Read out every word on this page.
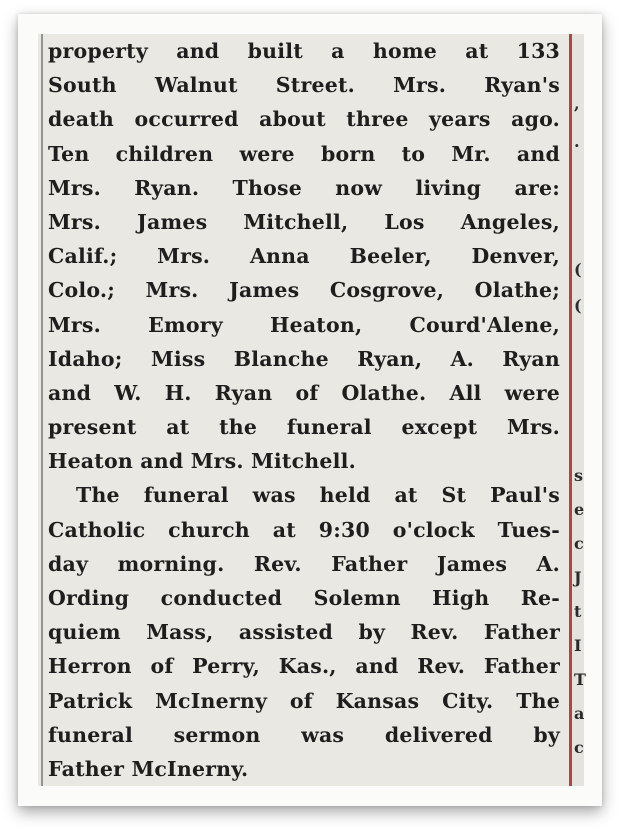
property and built a home at 133
South Walnut Street. Mrs. Ryan's
death occurred about three years ago.
Ten children were born to Mr. and
Mrs. Ryan. Those now living are:
Mrs. James Mitchell, Los Angeles,
Calif.; Mrs. Anna Beeler, Denver,
Colo.; Mrs. James Cosgrove, Olathe;
Mrs. Emory Heaton, Courd'Alene,
Idaho; Miss Blanche Ryan, A. Ryan
and W. H. Ryan of Olathe. All were
present at the funeral except Mrs.
Heaton and Mrs. Mitchell.
The funeral was held at St Paul's
Catholic church at 9:30 o'clock Tues-
day morning. Rev. Father James A.
Ording conducted Solemn High Re-
quiem Mass, assisted by Rev. Father
Herron of Perry, Kas., and Rev. Father
Patrick McInerny of Kansas City. The
funeral sermon was delivered by
Father McInerny.
,
.
(
(
s
e
c
J
t
I
T
a
c
